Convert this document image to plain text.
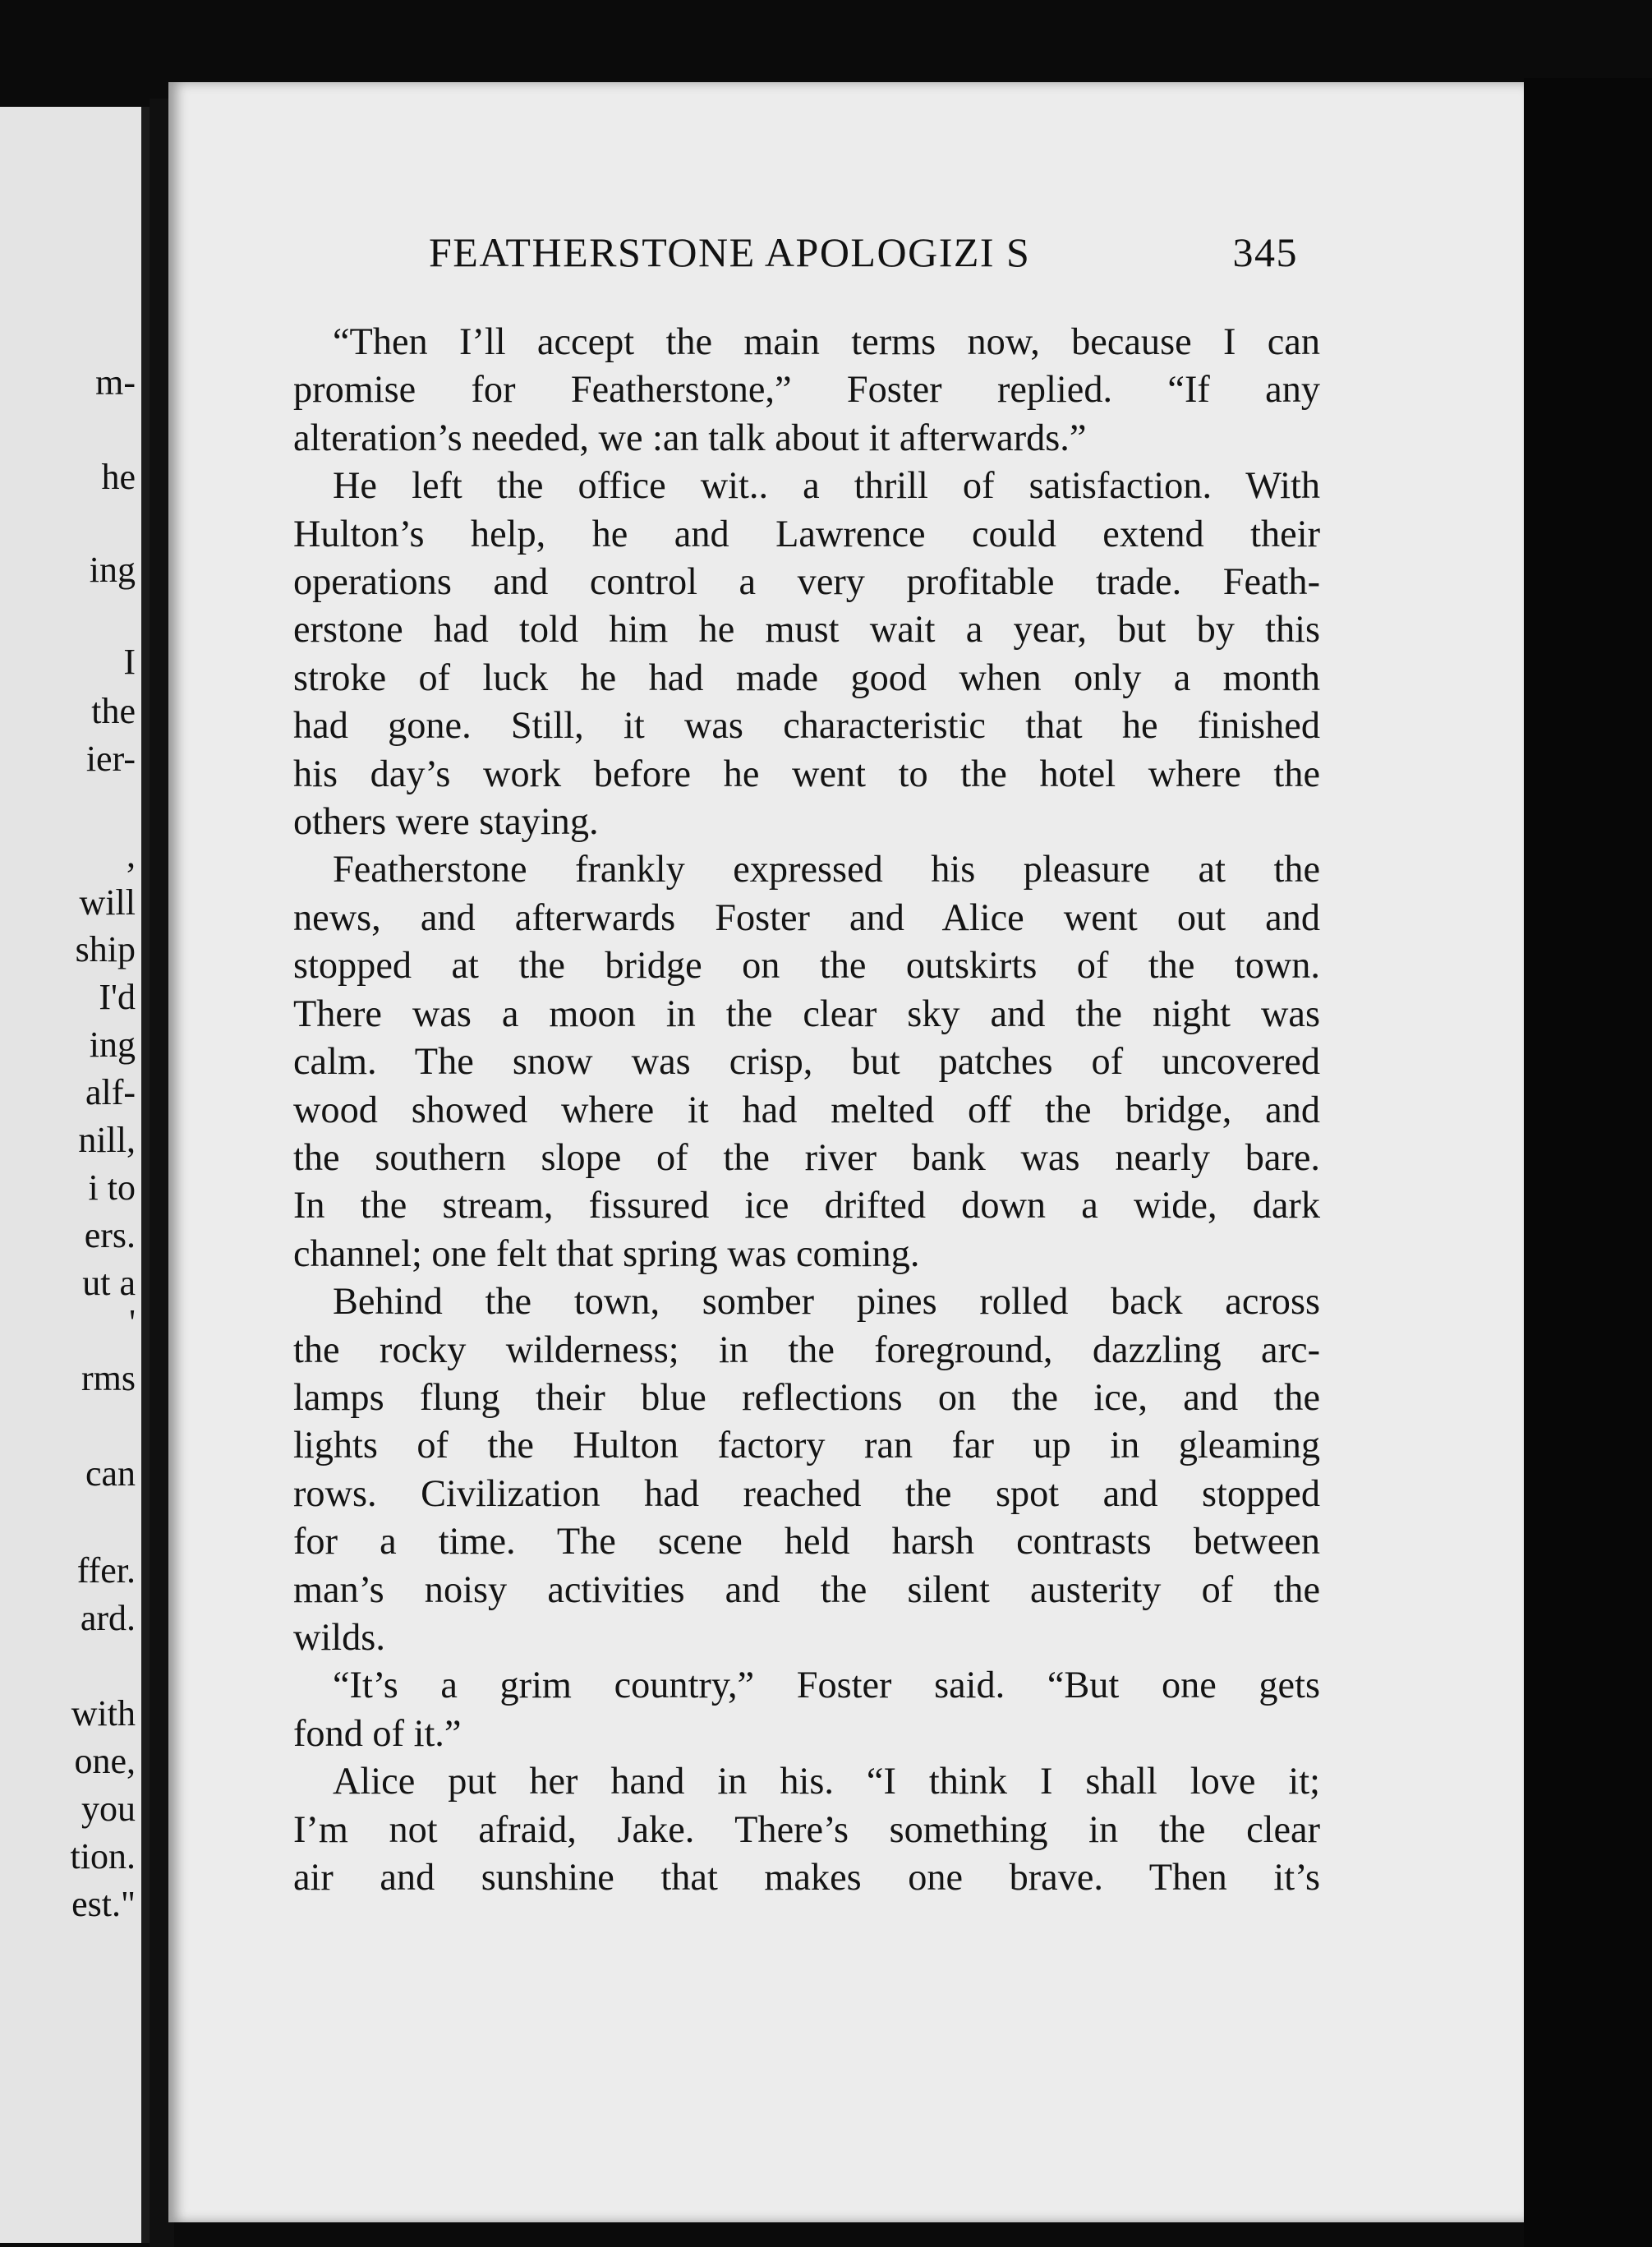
m-
he
ing
I
the
ier-
,
will
ship
I'd
ing
alf-
nill,
i to
ers.
ut a
'
rms
can
ffer.
ard.
with
one,
you
tion.
est."
FEATHERSTONE APOLOGIZI S	345
“Then I’ll accept the main terms now, because I can
promise for Featherstone,” Foster replied. “If any
alteration’s needed, we :an talk about it afterwards.”
He left the office wit.. a thrill of satisfaction. With
Hulton’s help, he and Lawrence could extend their
operations and control a very profitable trade. Feath-
erstone had told him he must wait a year, but by this
stroke of luck he had made good when only a month
had gone. Still, it was characteristic that he finished
his day’s work before he went to the hotel where the
others were staying.
Featherstone frankly expressed his pleasure at the
news, and afterwards Foster and Alice went out and
stopped at the bridge on the outskirts of the town.
There was a moon in the clear sky and the night was
calm. The snow was crisp, but patches of uncovered
wood showed where it had melted off the bridge, and
the southern slope of the river bank was nearly bare.
In the stream, fissured ice drifted down a wide, dark
channel; one felt that spring was coming.
Behind the town, somber pines rolled back across
the rocky wilderness; in the foreground, dazzling arc-
lamps flung their blue reflections on the ice, and the
lights of the Hulton factory ran far up in gleaming
rows. Civilization had reached the spot and stopped
for a time. The scene held harsh contrasts between
man’s noisy activities and the silent austerity of the
wilds.
“It’s a grim country,” Foster said. “But one gets
fond of it.”
Alice put her hand in his. “I think I shall love it;
I’m not afraid, Jake. There’s something in the clear
air and sunshine that makes one brave. Then it’s
